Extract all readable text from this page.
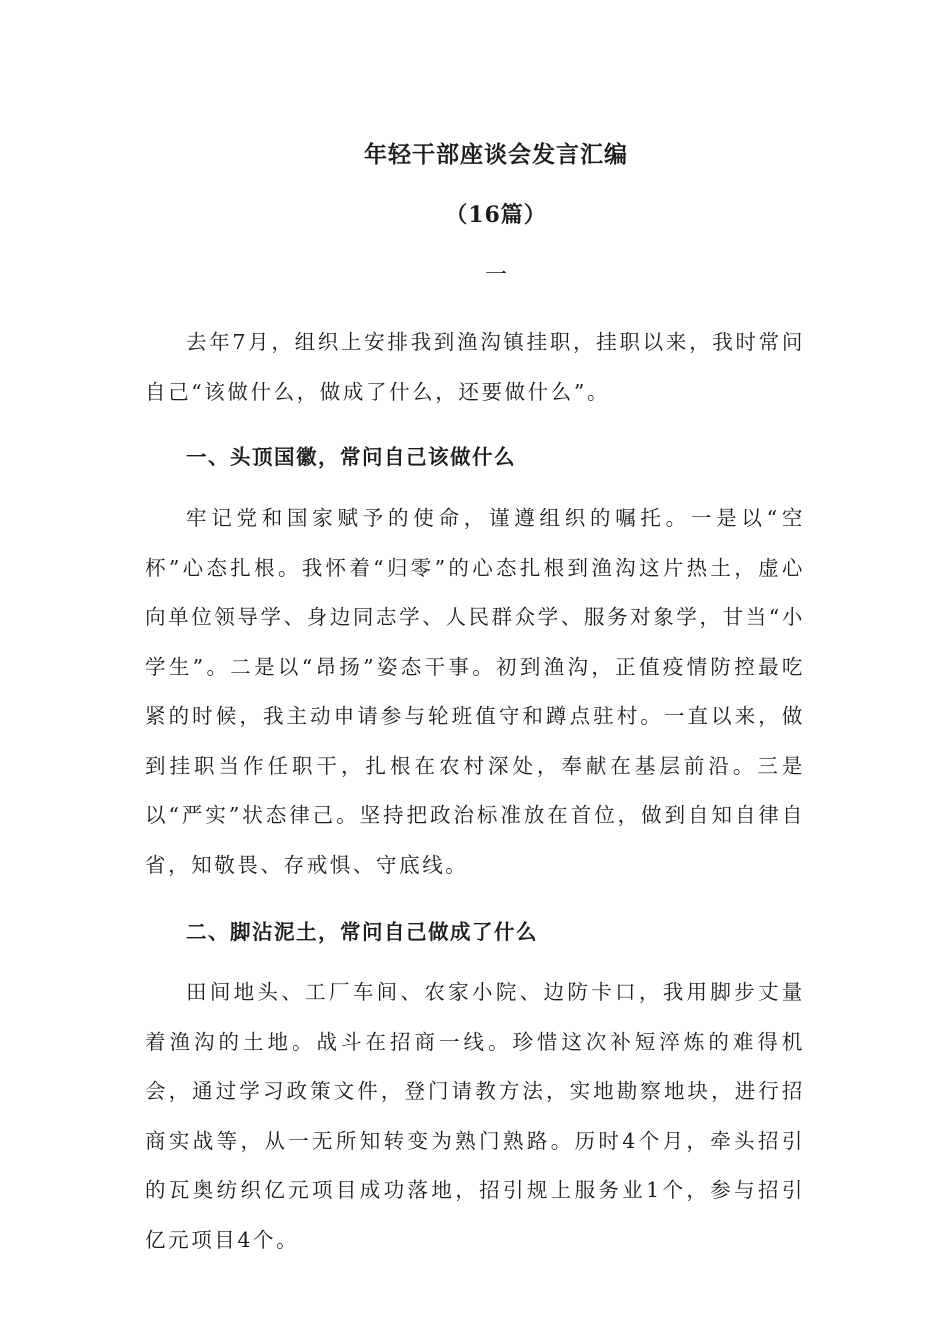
年轻干部座谈会发言汇编
（16篇）
一

去年7月，组织上安排我到渔沟镇挂职，挂职以来，我时常问自己“该做什么，做成了什么，还要做什么”。

一、头顶国徽，常问自己该做什么

牢记党和国家赋予的使命，谨遵组织的嘱托。一是以“空杯”心态扎根。我怀着“归零”的心态扎根到渔沟这片热土，虚心向单位领导学、身边同志学、人民群众学、服务对象学，甘当“小学生”。二是以“昂扬”姿态干事。初到渔沟，正值疫情防控最吃紧的时候，我主动申请参与轮班值守和蹲点驻村。一直以来，做到挂职当作任职干，扎根在农村深处，奉献在基层前沿。三是以“严实”状态律己。坚持把政治标准放在首位，做到自知自律自省，知敬畏、存戒惧、守底线。

二、脚沾泥土，常问自己做成了什么

田间地头、工厂车间、农家小院、边防卡口，我用脚步丈量着渔沟的土地。战斗在招商一线。珍惜这次补短淬炼的难得机会，通过学习政策文件，登门请教方法，实地勘察地块，进行招商实战等，从一无所知转变为熟门熟路。历时4个月，牵头招引的瓦奥纺织亿元项目成功落地，招引规上服务业1个，参与招引亿元项目4个。
